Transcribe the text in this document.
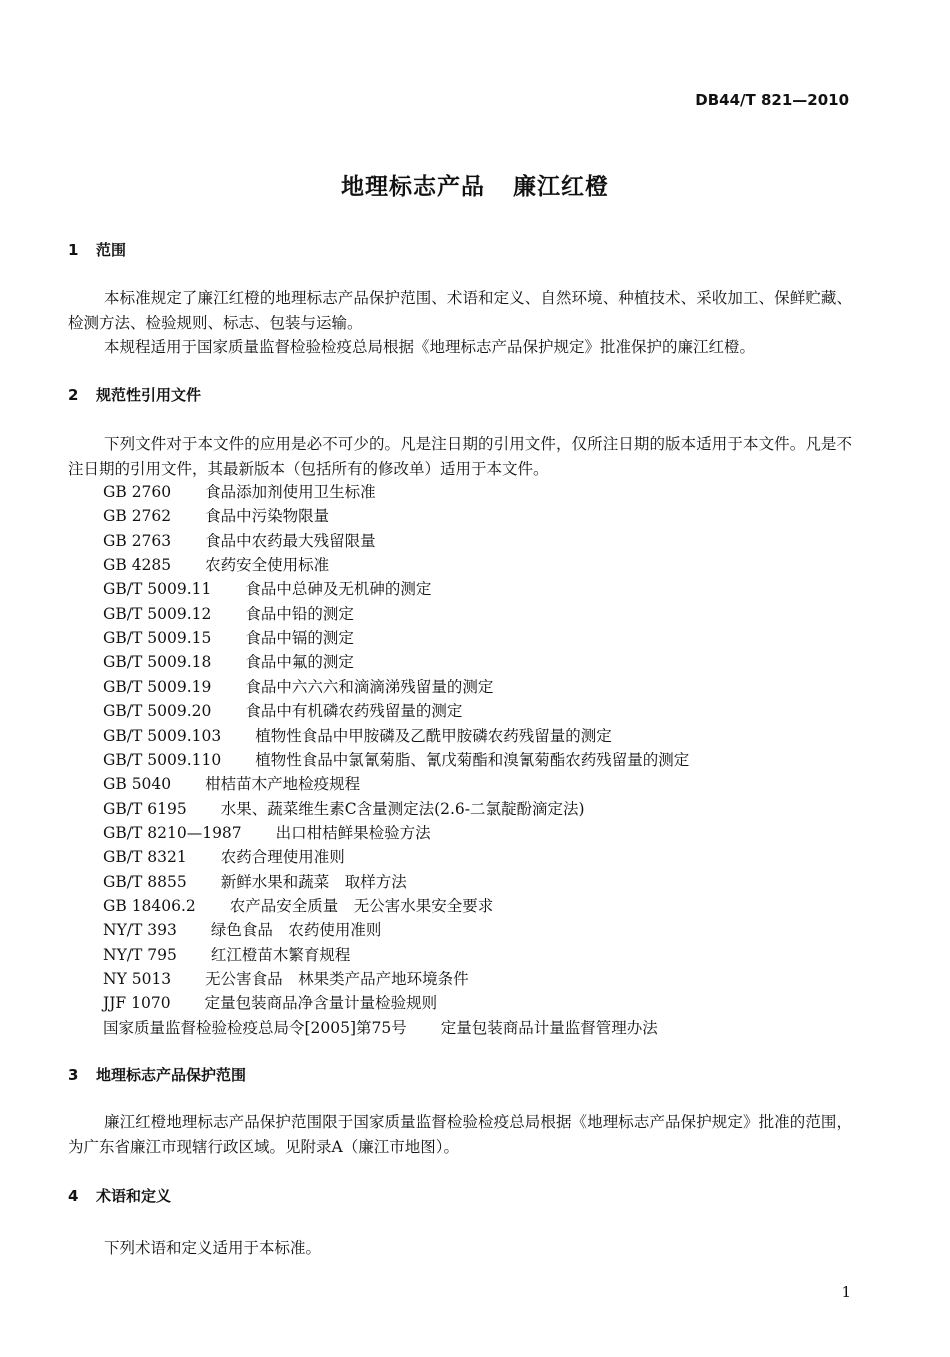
DB44/T 821—2010
地理标志产品 廉江红橙
1 范围
本标准规定了廉江红橙的地理标志产品保护范围、术语和定义、自然环境、种植技术、采收加工、保鲜贮藏、检测方法、检验规则、标志、包装与运输。
本规程适用于国家质量监督检验检疫总局根据《地理标志产品保护规定》批准保护的廉江红橙。
2 规范性引用文件
下列文件对于本文件的应用是必不可少的。凡是注日期的引用文件，仅所注日期的版本适用于本文件。凡是不注日期的引用文件，其最新版本（包括所有的修改单）适用于本文件。
GB 2760 食品添加剂使用卫生标准
GB 2762 食品中污染物限量
GB 2763 食品中农药最大残留限量
GB 4285 农药安全使用标准
GB/T 5009.11 食品中总砷及无机砷的测定
GB/T 5009.12 食品中铅的测定
GB/T 5009.15 食品中镉的测定
GB/T 5009.18 食品中氟的测定
GB/T 5009.19 食品中六六六和滴滴涕残留量的测定
GB/T 5009.20 食品中有机磷农药残留量的测定
GB/T 5009.103 植物性食品中甲胺磷及乙酰甲胺磷农药残留量的测定
GB/T 5009.110 植物性食品中氯氰菊脂、氰戊菊酯和溴氰菊酯农药残留量的测定
GB 5040 柑桔苗木产地检疫规程
GB/T 6195 水果、蔬菜维生素C含量测定法(2.6-二氯靛酚滴定法)
GB/T 8210—1987 出口柑桔鲜果检验方法
GB/T 8321 农药合理使用准则
GB/T 8855 新鲜水果和蔬菜　取样方法
GB 18406.2 农产品安全质量　无公害水果安全要求
NY/T 393 绿色食品　农药使用准则
NY/T 795 红江橙苗木繁育规程
NY 5013 无公害食品　林果类产品产地环境条件
JJF 1070 定量包装商品净含量计量检验规则
国家质量监督检验检疫总局令[2005]第75号 定量包装商品计量监督管理办法
3 地理标志产品保护范围
廉江红橙地理标志产品保护范围限于国家质量监督检验检疫总局根据《地理标志产品保护规定》批准的范围，为广东省廉江市现辖行政区域。见附录A（廉江市地图）。
4 术语和定义
下列术语和定义适用于本标准。
1
